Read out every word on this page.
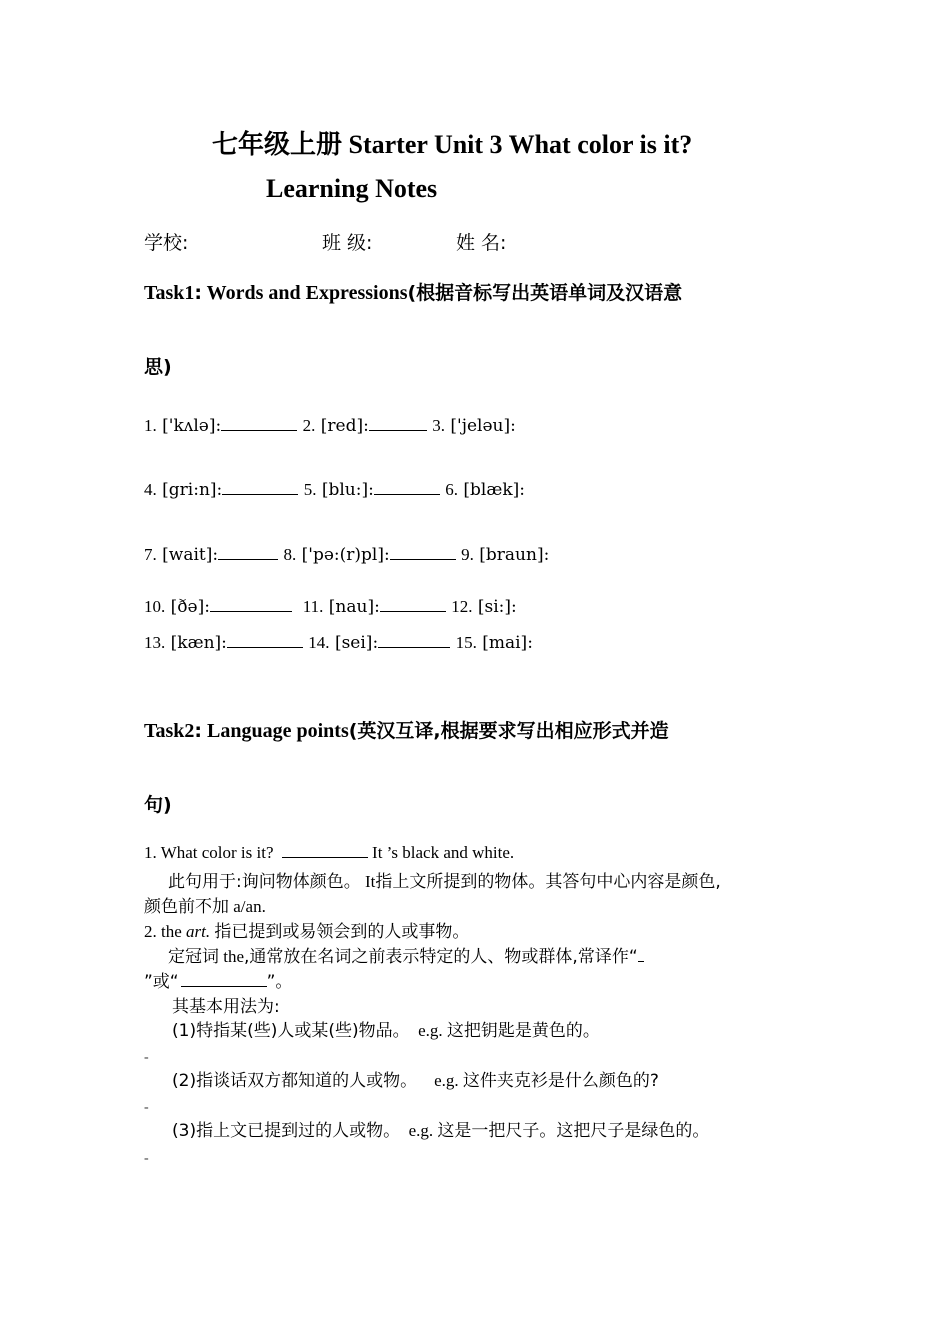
七年级上册 Starter Unit 3 What color is it?
Learning Notes
学校:	班 级:	姓 名:
Task1: Words and Expressions(根据音标写出英语单词及汉语意
思)
1. ['kʌlə]:	2. [red]:	3. ['jeləu]:
4. [gri:n]:	5. [blu:]:	6. [blæk]:
7. [wait]:	8. ['pə:(r)pl]:	9. [braun]:
10. [ðə]:	11. [nau]:	12. [si:]:
13. [kæn]:	14. [sei]:	15. [mai]:
Task2: Language points(英汉互译,根据要求写出相应形式并造
句)
1. What color is it?	It ’s black and white.
此句用于:询问物体颜色。 It指上文所提到的物体。其答句中心内容是颜色,
颜色前不加 a/an.
2. the art. 指已提到或易领会到的人或事物。
定冠词 the,通常放在名词之前表示特定的人、物或群体,常译作“
”或“	”。
其基本用法为:
(1)特指某(些)人或某(些)物品。 e.g. 这把钥匙是黄色的。
-
(2)指谈话双方都知道的人或物。 e.g. 这件夹克衫是什么颜色的?
-
(3)指上文已提到过的人或物。 e.g. 这是一把尺子。这把尺子是绿色的。
-
